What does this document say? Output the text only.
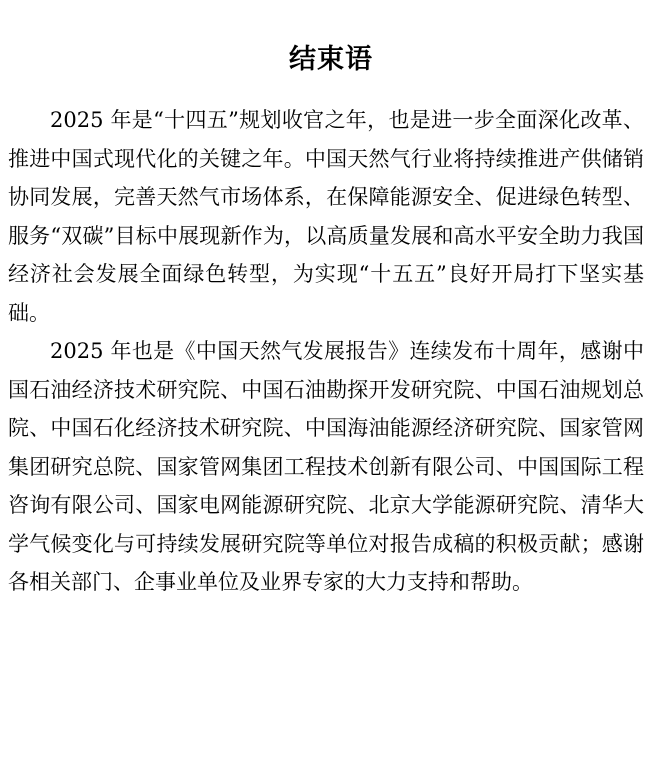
结束语

2025 年是“十四五”规划收官之年，也是进一步全面深化改革、推进中国式现代化的关键之年。中国天然气行业将持续推进产供储销协同发展，完善天然气市场体系，在保障能源安全、促进绿色转型、服务“双碳”目标中展现新作为，以高质量发展和高水平安全助力我国经济社会发展全面绿色转型，为实现“十五五”良好开局打下坚实基础。

2025 年也是《中国天然气发展报告》连续发布十周年，感谢中国石油经济技术研究院、中国石油勘探开发研究院、中国石油规划总院、中国石化经济技术研究院、中国海油能源经济研究院、国家管网集团研究总院、国家管网集团工程技术创新有限公司、中国国际工程咨询有限公司、国家电网能源研究院、北京大学能源研究院、清华大学气候变化与可持续发展研究院等单位对报告成稿的积极贡献；感谢各相关部门、企事业单位及业界专家的大力支持和帮助。
